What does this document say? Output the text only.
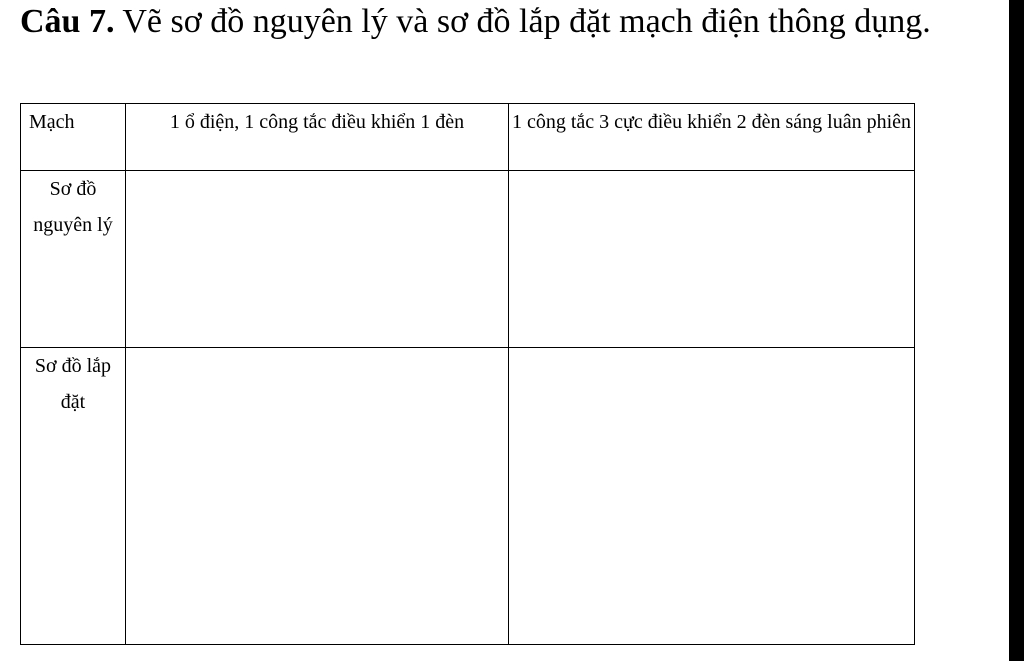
Câu 7. Vẽ sơ đồ nguyên lý và sơ đồ lắp đặt mạch điện thông dụng.

Mạch	1 ổ điện, 1 công tắc điều khiển 1 đèn	1 công tắc 3 cực điều khiển 2 đèn sáng luân phiên
Sơ đồ nguyên lý		
Sơ đồ lắp đặt		
